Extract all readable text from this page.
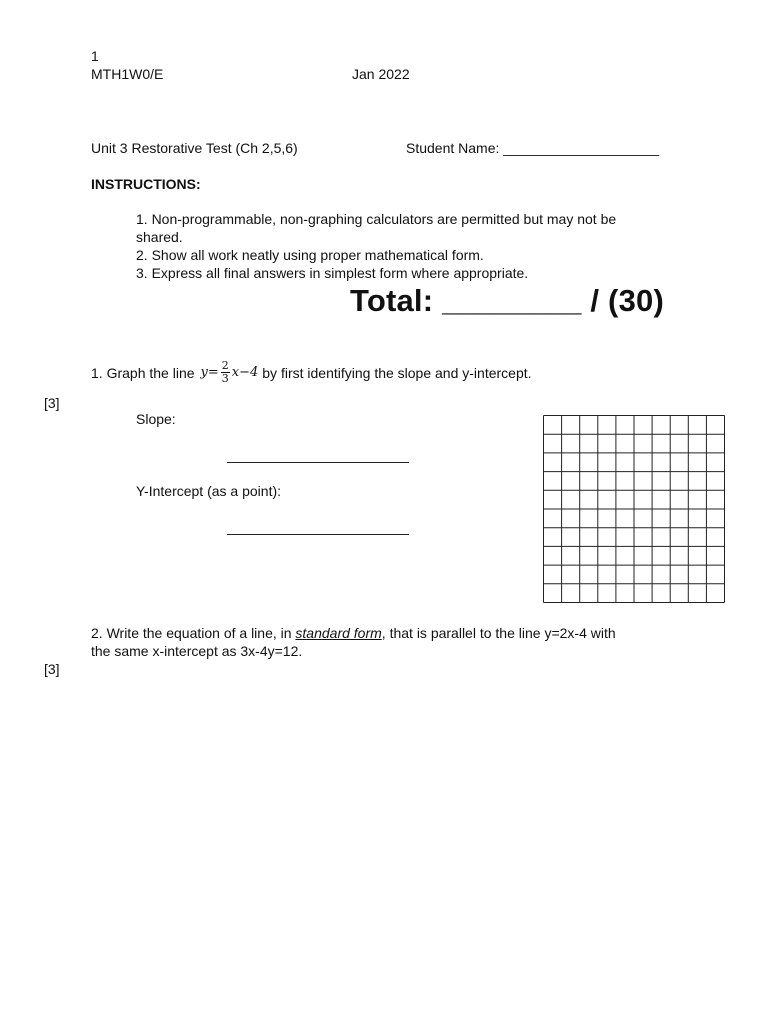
1
MTH1W0/E	Jan 2022
Unit 3 Restorative Test (Ch 2,5,6)	Student Name: ____________________
INSTRUCTIONS:
1. Non-programmable, non-graphing calculators are permitted but may not be
shared.
2. Show all work neatly using proper mathematical form.
3. Express all final answers in simplest form where appropriate.
Total: ________ / (30)
1. Graph the line $y= \frac{2}{3} x-4$ by first identifying the slope and y-intercept.
[3]
Slope:
Y-Intercept (as a point):
2. Write the equation of a line, in standard form, that is parallel to the line y=2x-4 with
the same x-intercept as 3x-4y=12.
[3]
